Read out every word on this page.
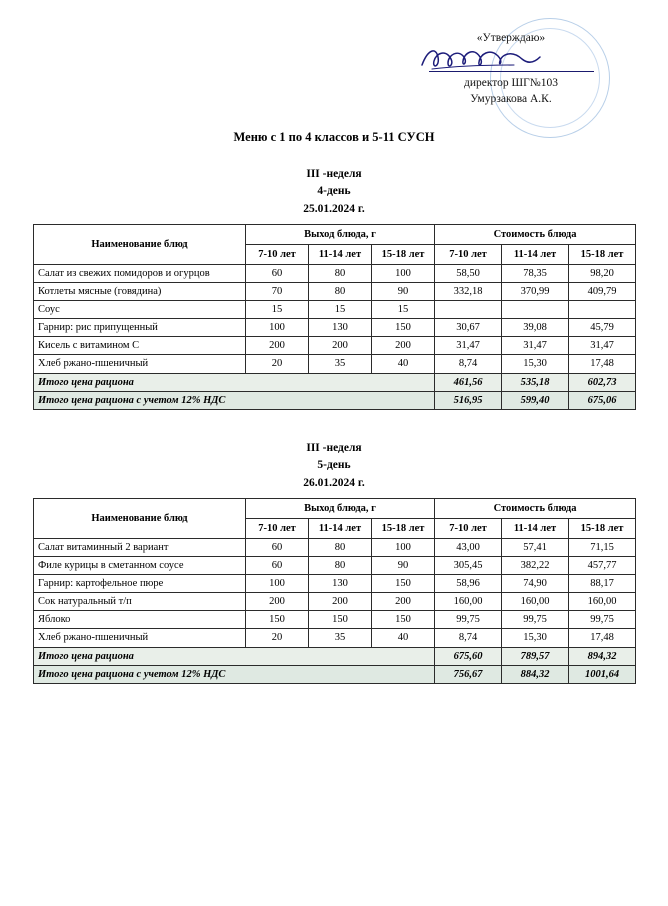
«Утверждаю»
директор ШГ№103
Умурзакова А.К.
Меню с 1 по 4 классов и 5-11 СУСН
III -неделя
4-день
25.01.2024 г.
Наименование блюд	Выход блюда, г			Стоимость блюда		
	7-10 лет	11-14 лет	15-18 лет	7-10 лет	11-14 лет	15-18 лет
Салат из свежих помидоров и огурцов	60	80	100	58,50	78,35	98,20
Котлеты мясные (говядина)	70	80	90	332,18	370,99	409,79
Соус	15	15	15			
Гарнир: рис припущенный	100	130	150	30,67	39,08	45,79
Кисель с витамином С	200	200	200	31,47	31,47	31,47
Хлеб ржано-пшеничный	20	35	40	8,74	15,30	17,48
Итого цена рациона				461,56	535,18	602,73
Итого цена рациона с учетом 12% НДС				516,95	599,40	675,06
III -неделя
5-день
26.01.2024 г.
Наименование блюд	Выход блюда, г			Стоимость блюда		
	7-10 лет	11-14 лет	15-18 лет	7-10 лет	11-14 лет	15-18 лет
Салат витаминный 2 вариант	60	80	100	43,00	57,41	71,15
Филе курицы в сметанном соусе	60	80	90	305,45	382,22	457,77
Гарнир: картофельное пюре	100	130	150	58,96	74,90	88,17
Сок натуральный т/п	200	200	200	160,00	160,00	160,00
Яблоко	150	150	150	99,75	99,75	99,75
Хлеб ржано-пшеничный	20	35	40	8,74	15,30	17,48
Итого цена рациона				675,60	789,57	894,32
Итого цена рациона с учетом 12% НДС				756,67	884,32	1001,64
